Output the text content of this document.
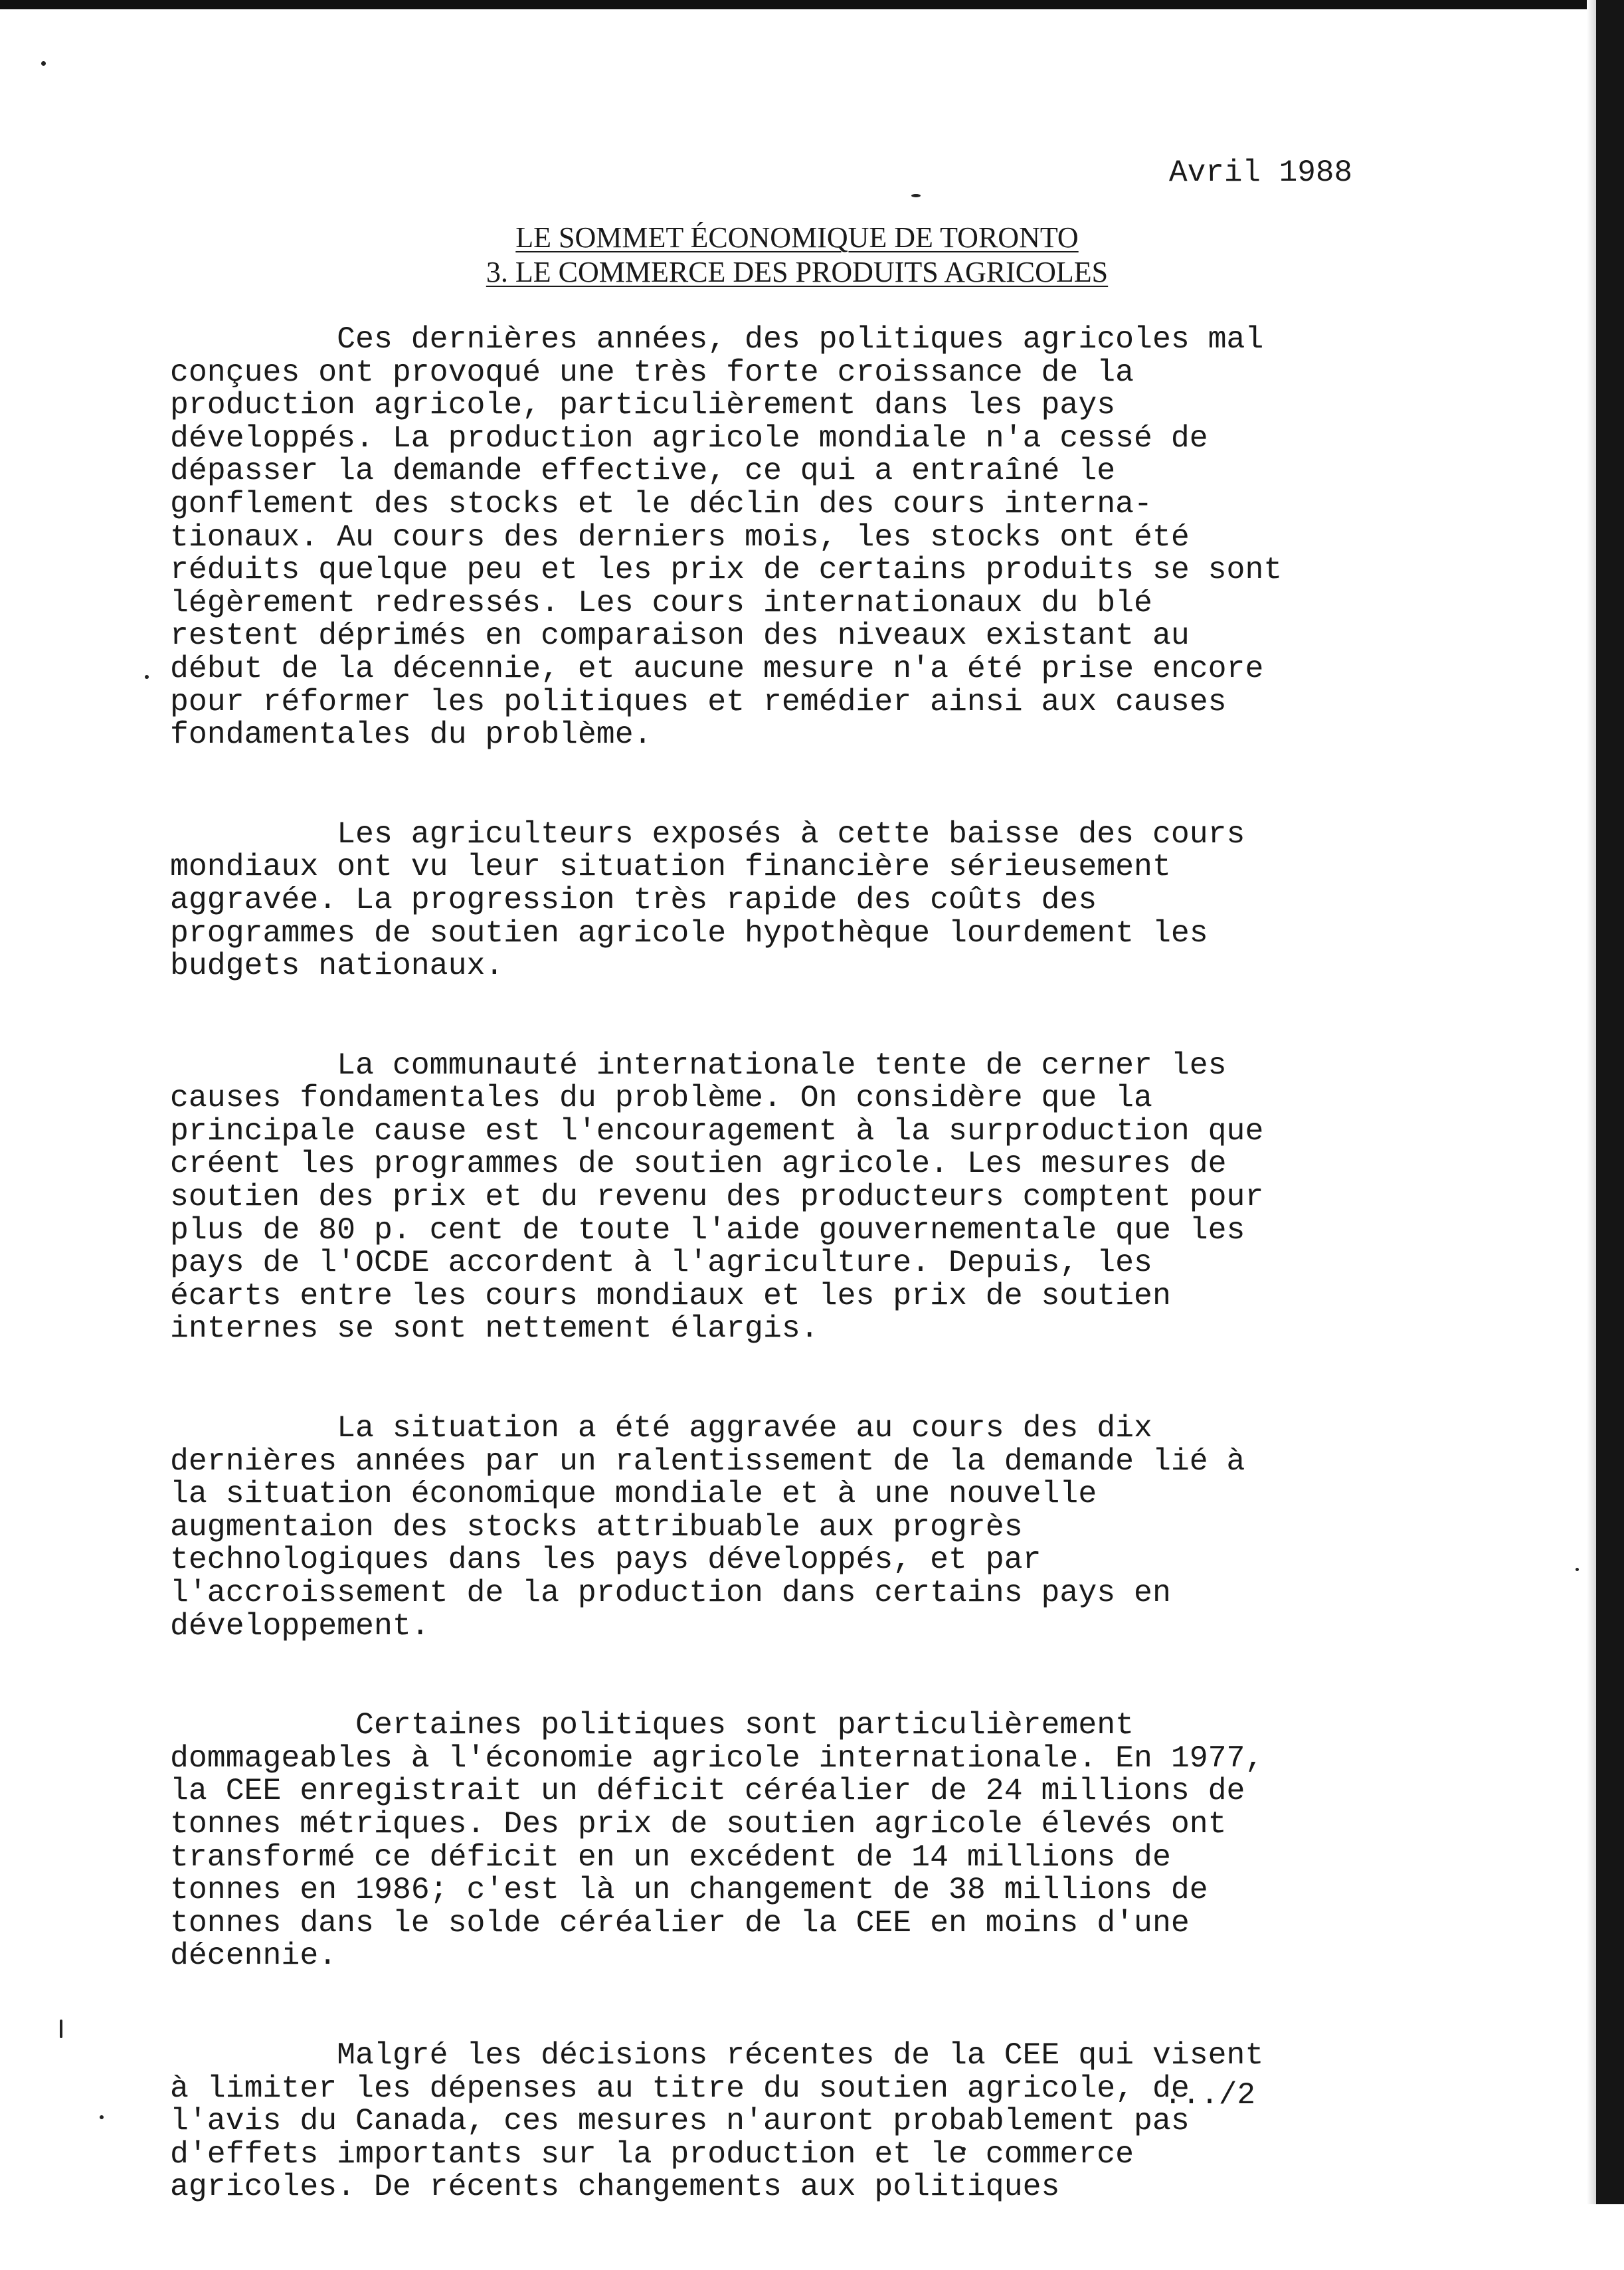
Avril 1988
LE SOMMET ÉCONOMIQUE DE TORONTO
3. LE COMMERCE DES PRODUITS AGRICOLES
Ces dernières années, des politiques agricoles mal
conçues ont provoqué une très forte croissance de la
production agricole, particulièrement dans les pays
développés. La production agricole mondiale n'a cessé de
dépasser la demande effective, ce qui a entraîné le
gonflement des stocks et le déclin des cours interna-
tionaux. Au cours des derniers mois, les stocks ont été
réduits quelque peu et les prix de certains produits se sont
légèrement redressés. Les cours internationaux du blé
restent déprimés en comparaison des niveaux existant au
début de la décennie, et aucune mesure n'a été prise encore
pour réformer les politiques et remédier ainsi aux causes
fondamentales du problème.
Les agriculteurs exposés à cette baisse des cours
mondiaux ont vu leur situation financière sérieusement
aggravée. La progression très rapide des coûts des
programmes de soutien agricole hypothèque lourdement les
budgets nationaux.
La communauté internationale tente de cerner les
causes fondamentales du problème. On considère que la
principale cause est l'encouragement à la surproduction que
créent les programmes de soutien agricole. Les mesures de
soutien des prix et du revenu des producteurs comptent pour
plus de 80 p. cent de toute l'aide gouvernementale que les
pays de l'OCDE accordent à l'agriculture. Depuis, les
écarts entre les cours mondiaux et les prix de soutien
internes se sont nettement élargis.
La situation a été aggravée au cours des dix
dernières années par un ralentissement de la demande lié à
la situation économique mondiale et à une nouvelle
augmentaion des stocks attribuable aux progrès
technologiques dans les pays développés, et par
l'accroissement de la production dans certains pays en
développement.
Certaines politiques sont particulièrement
dommageables à l'économie agricole internationale. En 1977,
la CEE enregistrait un déficit céréalier de 24 millions de
tonnes métriques. Des prix de soutien agricole élevés ont
transformé ce déficit en un excédent de 14 millions de
tonnes en 1986; c'est là un changement de 38 millions de
tonnes dans le solde céréalier de la CEE en moins d'une
décennie.
Malgré les décisions récentes de la CEE qui visent
à limiter les dépenses au titre du soutien agricole, de
l'avis du Canada, ces mesures n'auront probablement pas
d'effets importants sur la production et le commerce
agricoles. De récents changements aux politiques
.../2
